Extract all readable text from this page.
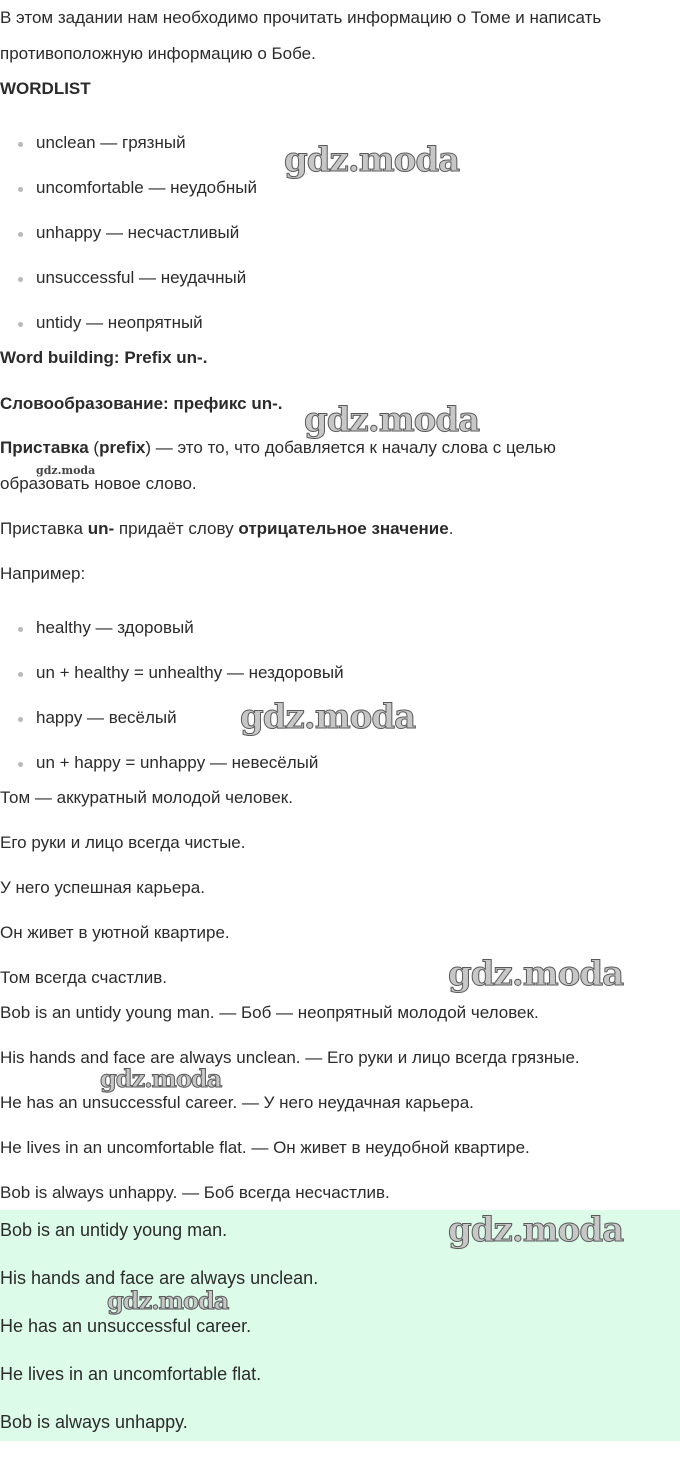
В этом задании нам необходимо прочитать информацию о Томе и написать

противоположную информацию о Бобе.

WORDLIST

unclean — грязный

uncomfortable — неудобный

unhappy — несчастливый

unsuccessful — неудачный

untidy — неопрятный

Word building: Prefix un-.

Словообразование: префикс un-.

Приставка (prefix) — это то, что добавляется к началу слова с целью

образовать новое слово.

Приставка un- придаёт слову отрицательное значение.

Например:

healthy — здоровый

un + healthy = unhealthy — нездоровый

happy — весёлый

un + happy = unhappy — невесёлый

Том — аккуратный молодой человек.

Его руки и лицо всегда чистые.

У него успешная карьера.

Он живет в уютной квартире.

Том всегда счастлив.

Bob is an untidy young man. — Боб — неопрятный молодой человек.

His hands and face are always unclean. — Его руки и лицо всегда грязные.

He has an unsuccessful career. — У него неудачная карьера.

He lives in an uncomfortable flat. — Он живет в неудобной квартире.

Bob is always unhappy. — Боб всегда несчастлив.

Bob is an untidy young man.

His hands and face are always unclean.

He has an unsuccessful career.

He lives in an uncomfortable flat.

Bob is always unhappy.

gdz.moda
gdz.moda
gdz.moda
gdz.moda
gdz.moda
gdz.moda
gdz.moda
gdz.moda
